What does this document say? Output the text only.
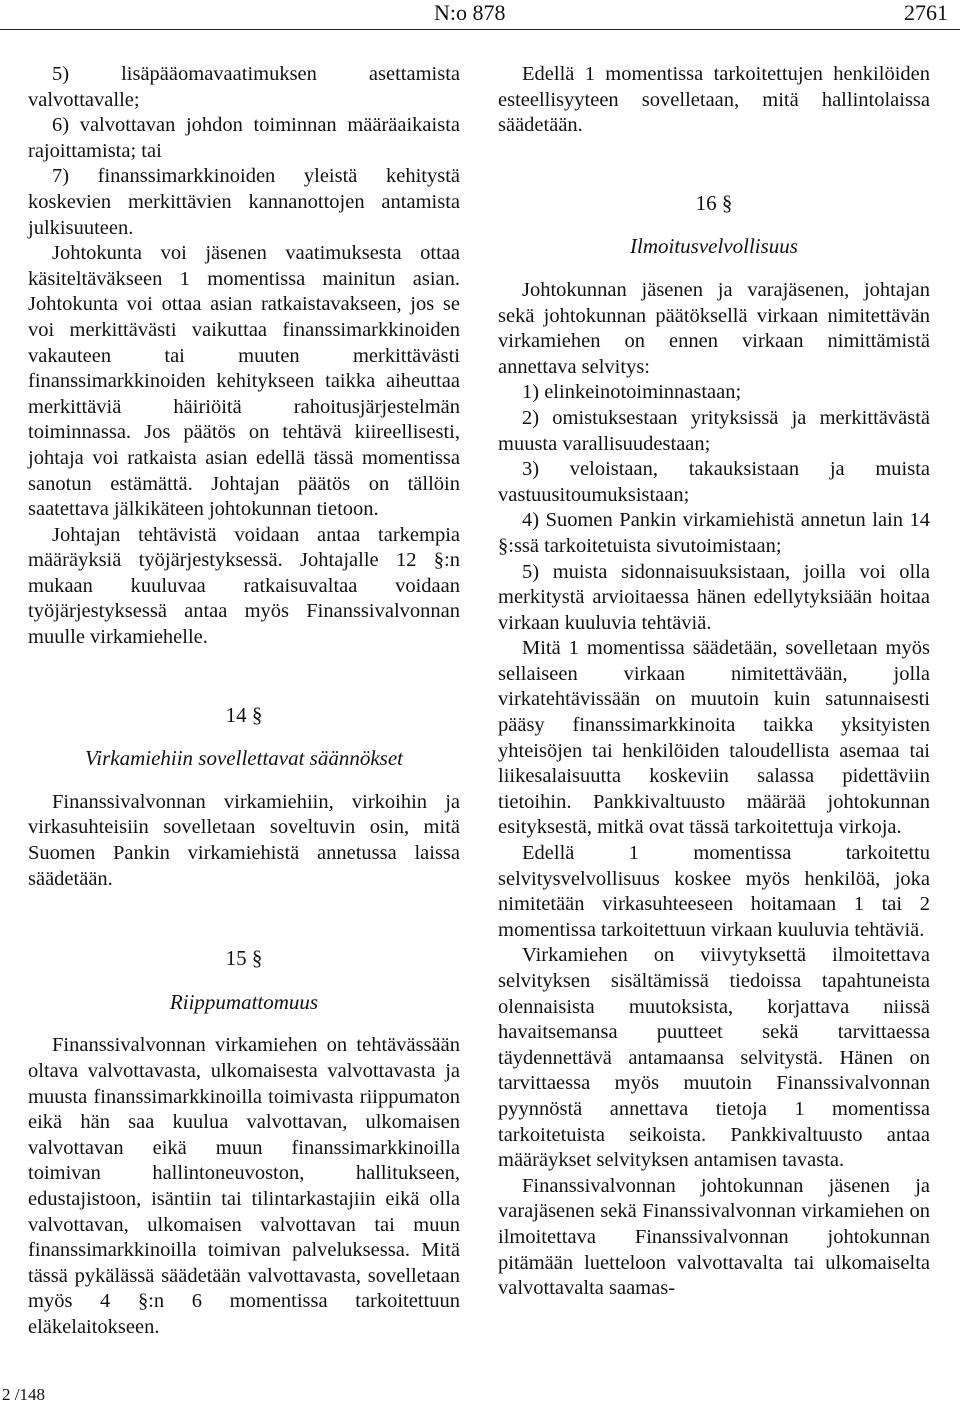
N:o 878	2761

5) lisäpääomavaatimuksen asettamista valvottavalle;

6) valvottavan johdon toiminnan määräaikaista rajoittamista; tai

7) finanssimarkkinoiden yleistä kehitystä koskevien merkittävien kannanottojen antamista julkisuuteen.

Johtokunta voi jäsenen vaatimuksesta ottaa käsiteltäväkseen 1 momentissa mainitun asian. Johtokunta voi ottaa asian ratkaistavakseen, jos se voi merkittävästi vaikuttaa finanssimarkkinoiden vakauteen tai muuten merkittävästi finanssimarkkinoiden kehitykseen taikka aiheuttaa merkittäviä häiriöitä rahoitusjärjestelmän toiminnassa. Jos päätös on tehtävä kiireellisesti, johtaja voi ratkaista asian edellä tässä momentissa sanotun estämättä. Johtajan päätös on tällöin saatettava jälkikäteen johtokunnan tietoon.

Johtajan tehtävistä voidaan antaa tarkempia määräyksiä työjärjestyksessä. Johtajalle 12 §:n mukaan kuuluvaa ratkaisuvaltaa voidaan työjärjestyksessä antaa myös Finanssivalvonnan muulle virkamiehelle.

14 §

Virkamiehiin sovellettavat säännökset

Finanssivalvonnan virkamiehiin, virkoihin ja virkasuhteisiin sovelletaan soveltuvin osin, mitä Suomen Pankin virkamiehistä annetussa laissa säädetään.

15 §

Riippumattomuus

Finanssivalvonnan virkamiehen on tehtävässään oltava valvottavasta, ulkomaisesta valvottavasta ja muusta finanssimarkkinoilla toimivasta riippumaton eikä hän saa kuulua valvottavan, ulkomaisen valvottavan eikä muun finanssimarkkinoilla toimivan hallintoneuvoston, hallitukseen, edustajistoon, isäntiin tai tilintarkastajiin eikä olla valvottavan, ulkomaisen valvottavan tai muun finanssimarkkinoilla toimivan palveluksessa. Mitä tässä pykälässä säädetään valvottavasta, sovelletaan myös 4 §:n 6 momentissa tarkoitettuun eläkelaitokseen.

Edellä 1 momentissa tarkoitettujen henkilöiden esteellisyyteen sovelletaan, mitä hallintolaissa säädetään.

16 §

Ilmoitusvelvollisuus

Johtokunnan jäsenen ja varajäsenen, johtajan sekä johtokunnan päätöksellä virkaan nimitettävän virkamiehen on ennen virkaan nimittämistä annettava selvitys:

1) elinkeinotoiminnastaan;

2) omistuksestaan yrityksissä ja merkittävästä muusta varallisuudestaan;

3) veloistaan, takauksistaan ja muista vastuusitoumuksistaan;

4) Suomen Pankin virkamiehistä annetun lain 14 §:ssä tarkoitetuista sivutoimistaan;

5) muista sidonnaisuuksistaan, joilla voi olla merkitystä arvioitaessa hänen edellytyksiään hoitaa virkaan kuuluvia tehtäviä.

Mitä 1 momentissa säädetään, sovelletaan myös sellaiseen virkaan nimitettävään, jolla virkatehtävissään on muutoin kuin satunnaisesti pääsy finanssimarkkinoita taikka yksityisten yhteisöjen tai henkilöiden taloudellista asemaa tai liikesalaisuutta koskeviin salassa pidettäviin tietoihin. Pankkivaltuusto määrää johtokunnan esityksestä, mitkä ovat tässä tarkoitettuja virkoja.

Edellä 1 momentissa tarkoitettu selvitysvelvollisuus koskee myös henkilöä, joka nimitetään virkasuhteeseen hoitamaan 1 tai 2 momentissa tarkoitettuun virkaan kuuluvia tehtäviä.

Virkamiehen on viivytyksettä ilmoitettava selvityksen sisältämissä tiedoissa tapahtuneista olennaisista muutoksista, korjattava niissä havaitsemansa puutteet sekä tarvittaessa täydennettävä antamaansa selvitystä. Hänen on tarvittaessa myös muutoin Finanssivalvonnan pyynnöstä annettava tietoja 1 momentissa tarkoitetuista seikoista. Pankkivaltuusto antaa määräykset selvityksen antamisen tavasta.

Finanssivalvonnan johtokunnan jäsenen ja varajäsenen sekä Finanssivalvonnan virkamiehen on ilmoitettava Finanssivalvonnan johtokunnan pitämään luetteloon valvottavalta tai ulkomaiselta valvottavalta saamas-

2 /148
